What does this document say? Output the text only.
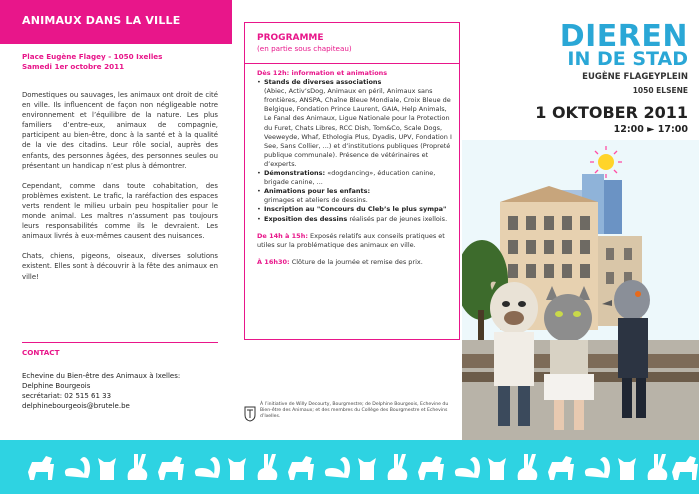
ANIMAUX DANS LA VILLE
Place Eugène Flagey - 1050 Ixelles
Samedi 1er octobre 2011

Domestiques ou sauvages, les animaux ont droit de cité en ville. Ils influencent de façon non négligeable notre environnement et l’équilibre de la nature. Les plus familiers d’entre-eux, animaux de compagnie, participent au bien-être, donc à la santé et à la qualité de la vie des citadins. Leur rôle social, auprès des enfants, des personnes âgées, des personnes seules ou présentant un handicap n’est plus à démontrer.

Cependant, comme dans toute cohabitation, des problèmes existent. Le trafic, la raréfaction des espaces verts rendent le milieu urbain peu hospitalier pour le monde animal. Les maîtres n’assument pas toujours leurs responsabilités comme ils le devraient. Les animaux livrés à eux-mêmes causent des nuisances.

Chats, chiens, pigeons, oiseaux, diverses solutions existent. Elles sont à découvrir à la fête des animaux en ville!

CONTACT
Echevine du Bien-être des Animaux à Ixelles:
Delphine Bourgeois
secrétariat: 02 515 61 33
delphinebourgeois@brutele.be
PROGRAMME
(en partie sous chapiteau)
Dès 12h: information et animations
• Stands de diverses associations
(Abiec, Activ’sDog, Animaux en péril, Animaux sans frontières, ANSPA, Chaîne Bleue Mondiale, Croix Bleue de Belgique, Fondation Prince Laurent, GAIA, Help Animals, Le Fanal des Animaux, Ligue Nationale pour la Protection du Furet, Chats Libres, RCC Dish, Tom&Co, Scale Dogs, Veeweyde, Whaf, Ethologia Plus, Dyadis, UPV, Fondation I See, Sans Collier, ...) et d’institutions publiques (Propreté publique communale). Présence de vétérinaires et d’experts.
• Démonstrations: «dogdancing», éducation canine, brigade canine, ...
• Animations pour les enfants:
grimages et ateliers de dessins.
• Inscription au "Concours du Cleb’s le plus sympa"
• Exposition des dessins réalisés par de jeunes ixellois.
De 14h à 15h: Exposés relatifs aux conseils pratiques et utiles sur la problématique des animaux en ville.
À 16h30: Clôture de la journée et remise des prix.
À l’initiative de Willy Decourty, Bourgmestre; de Delphine Bourgeois, Echevine du Bien-être des Animaux; et des membres du Collège des Bourgmestre et Echevins d’Ixelles.
DIEREN
IN DE STAD
EUGÈNE FLAGEYPLEIN
1050 ELSENE
1 OKTOBER 2011
12:00 ► 17:00
